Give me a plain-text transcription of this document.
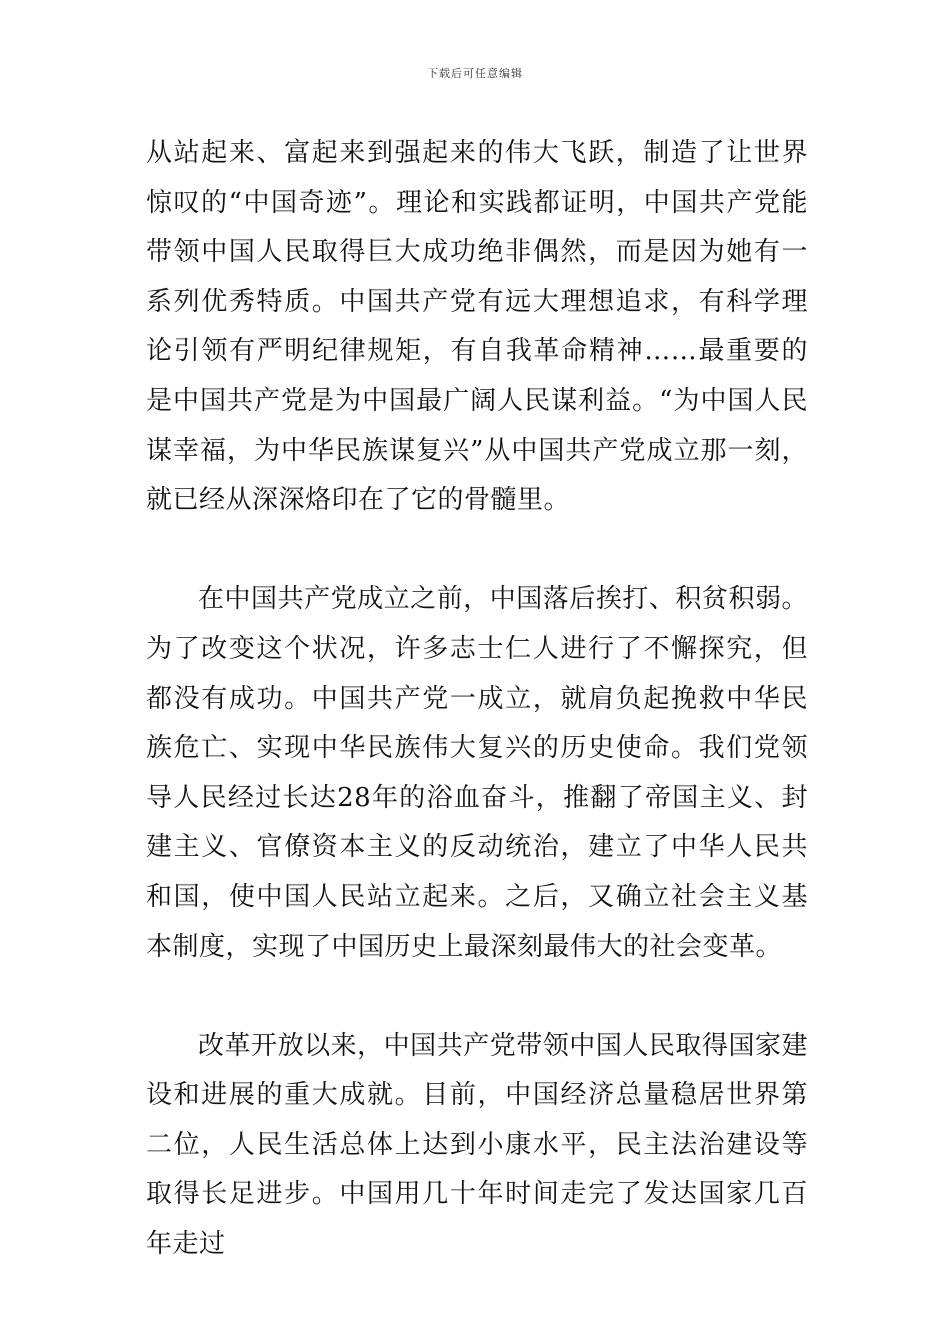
下载后可任意编辑

从站起来、富起来到强起来的伟大飞跃，制造了让世界惊叹的“中国奇迹”。理论和实践都证明，中国共产党能带领中国人民取得巨大成功绝非偶然，而是因为她有一系列优秀特质。中国共产党有远大理想追求，有科学理论引领有严明纪律规矩，有自我革命精神……最重要的是中国共产党是为中国最广阔人民谋利益。“为中国人民谋幸福，为中华民族谋复兴”从中国共产党成立那一刻，就已经从深深烙印在了它的骨髓里。

在中国共产党成立之前，中国落后挨打、积贫积弱。为了改变这个状况，许多志士仁人进行了不懈探究，但都没有成功。中国共产党一成立，就肩负起挽救中华民族危亡、实现中华民族伟大复兴的历史使命。我们党领导人民经过长达28年的浴血奋斗，推翻了帝国主义、封建主义、官僚资本主义的反动统治，建立了中华人民共和国，使中国人民站立起来。之后，又确立社会主义基本制度，实现了中国历史上最深刻最伟大的社会变革。

改革开放以来，中国共产党带领中国人民取得国家建设和进展的重大成就。目前，中国经济总量稳居世界第二位，人民生活总体上达到小康水平，民主法治建设等取得长足进步。中国用几十年时间走完了发达国家几百年走过
